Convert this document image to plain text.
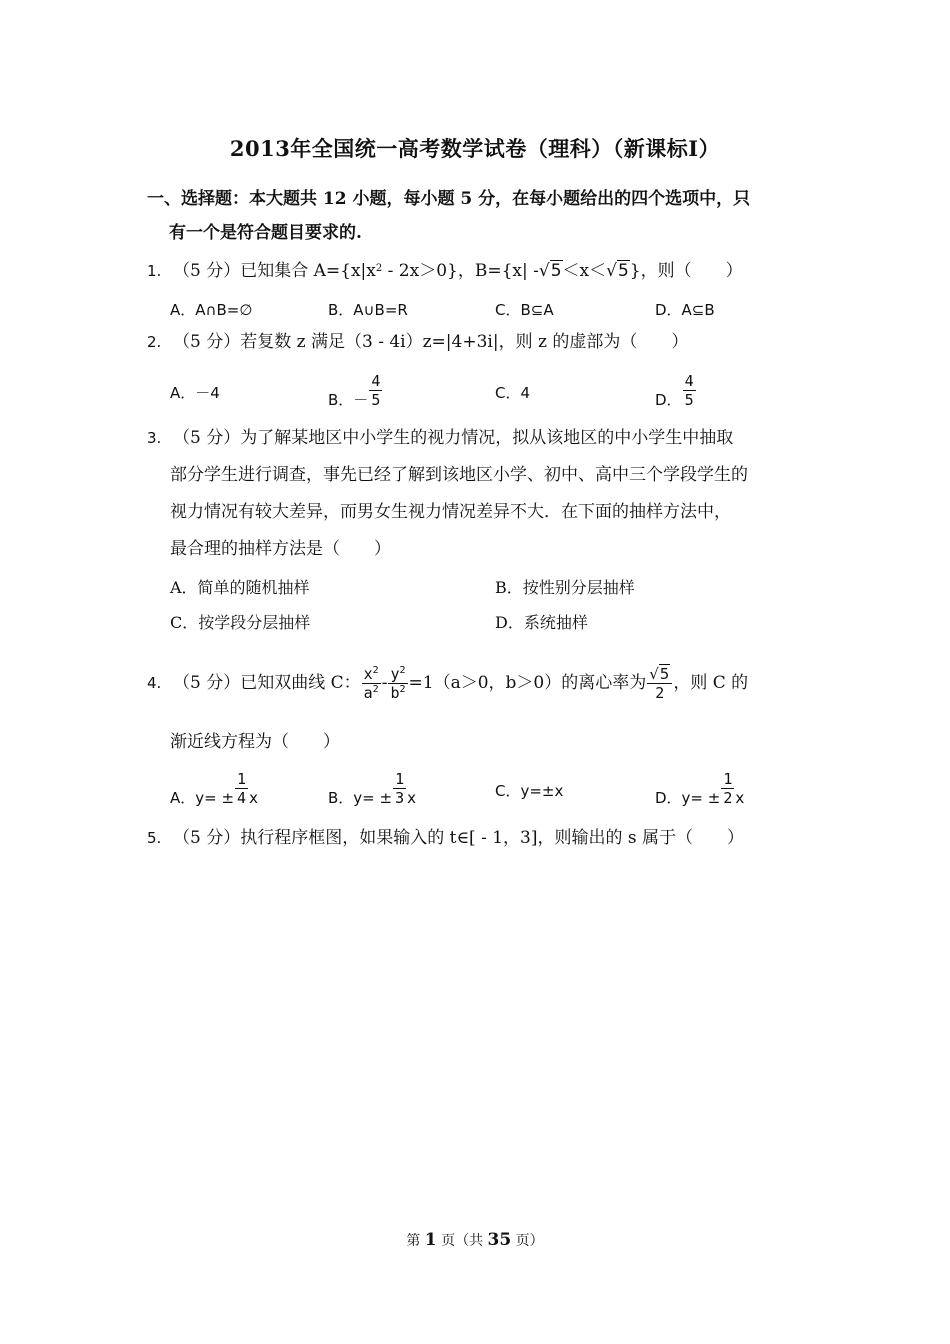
2013年全国统一高考数学试卷（理科）（新课标Ⅰ）
一、选择题：本大题共 12 小题，每小题 5 分，在每小题给出的四个选项中，只
有一个是符合题目要求的.
1. （5 分）已知集合 $A=\{x|x^2 - 2x>0\}$，B={x| -√5＜x＜√5}，则（　　）
A．A∩B=∅	B．A∪B=R	C．B⊆A	D．A⊆B
2. （5 分）若复数 z 满足（3 - 4i）z=|4+3i|，则 z 的虚部为（　　）
A．－4	B．－ $\frac{4}{5}$	C．4	D． $\frac{4}{5}$
3. （5 分）为了解某地区中小学生的视力情况，拟从该地区的中小学生中抽取
部分学生进行调查，事先已经了解到该地区小学、初中、高中三个学段学生的
视力情况有较大差异，而男女生视力情况差异不大．在下面的抽样方法中，
最合理的抽样方法是（　　）
A．简单的随机抽样	B．按性别分层抽样
C．按学段分层抽样	D．系统抽样
4. （5 分）已知双曲线 C： $\frac{x^2}{a^2} - \frac{y^2}{b^2} =1(a>0$，b＞0）的离心率为 $\frac{√5}{2}$ ，则 C 的
渐近线方程为（　　）
A．$y= \pm \frac{1}{4}$ x	B．$y= \pm \frac{1}{3}$ x	C．y=±x	D．$y= \pm \frac{1}{2}$ x
5. （5 分）执行程序框图，如果输入的 t∈[ - 1，3]，则输出的 s 属于（　　）
第 1 页（共 35 页）
